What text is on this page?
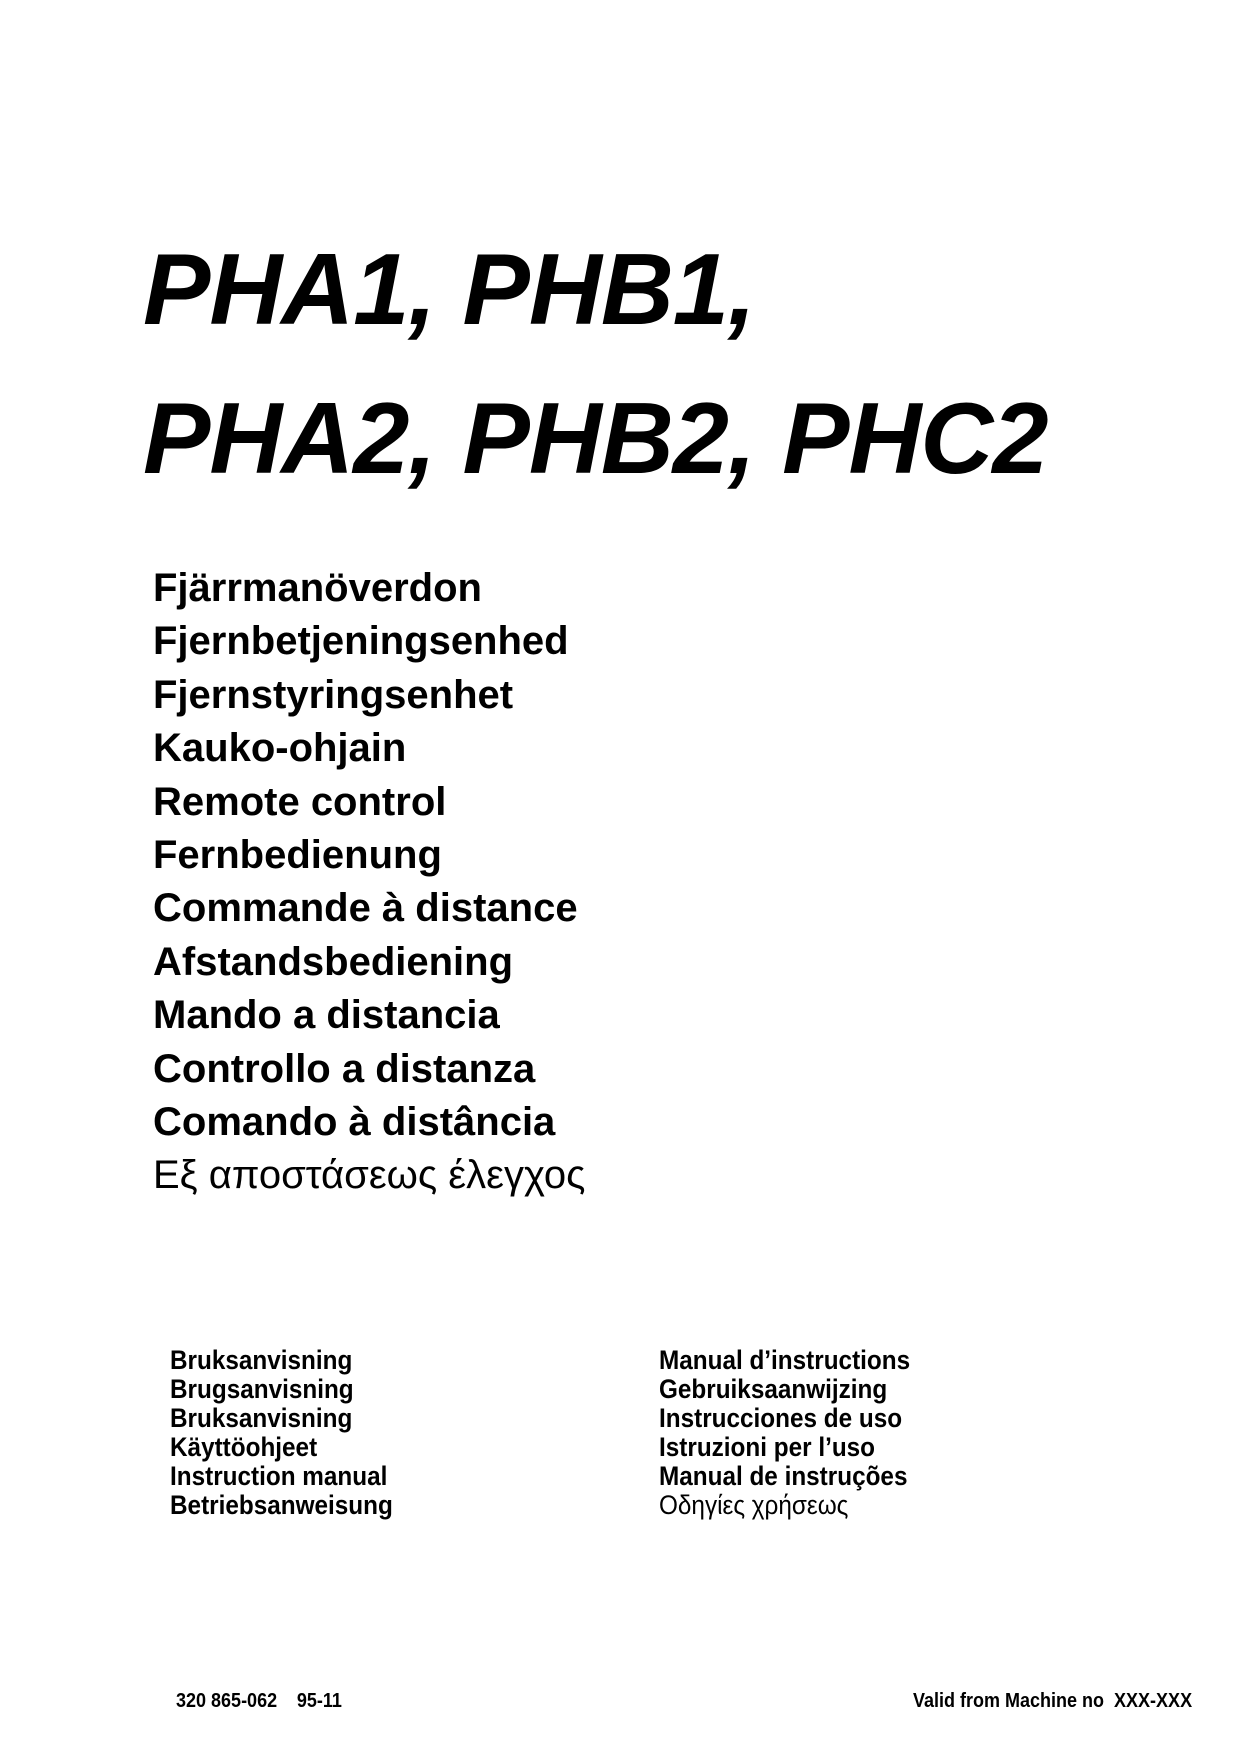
PHA1, PHB1,
PHA2, PHB2, PHC2
Fjärrmanöverdon
Fjernbetjeningsenhed
Fjernstyringsenhet
Kauko-ohjain
Remote control
Fernbedienung
Commande à distance
Afstandsbediening
Mando a distancia
Controllo a distanza
Comando à distância
Εξ αποστάσεως έλεγχος
Bruksanvisning
Brugsanvisning
Bruksanvisning
Käyttöohjeet
Instruction manual
Betriebsanweisung
Manual d’instructions
Gebruiksaanwijzing
Instrucciones de uso
Istruzioni per l’uso
Manual de instruções
Οδηγίες χρήσεως
320 865-062 95-11	Valid from Machine no  XXX-XXX
